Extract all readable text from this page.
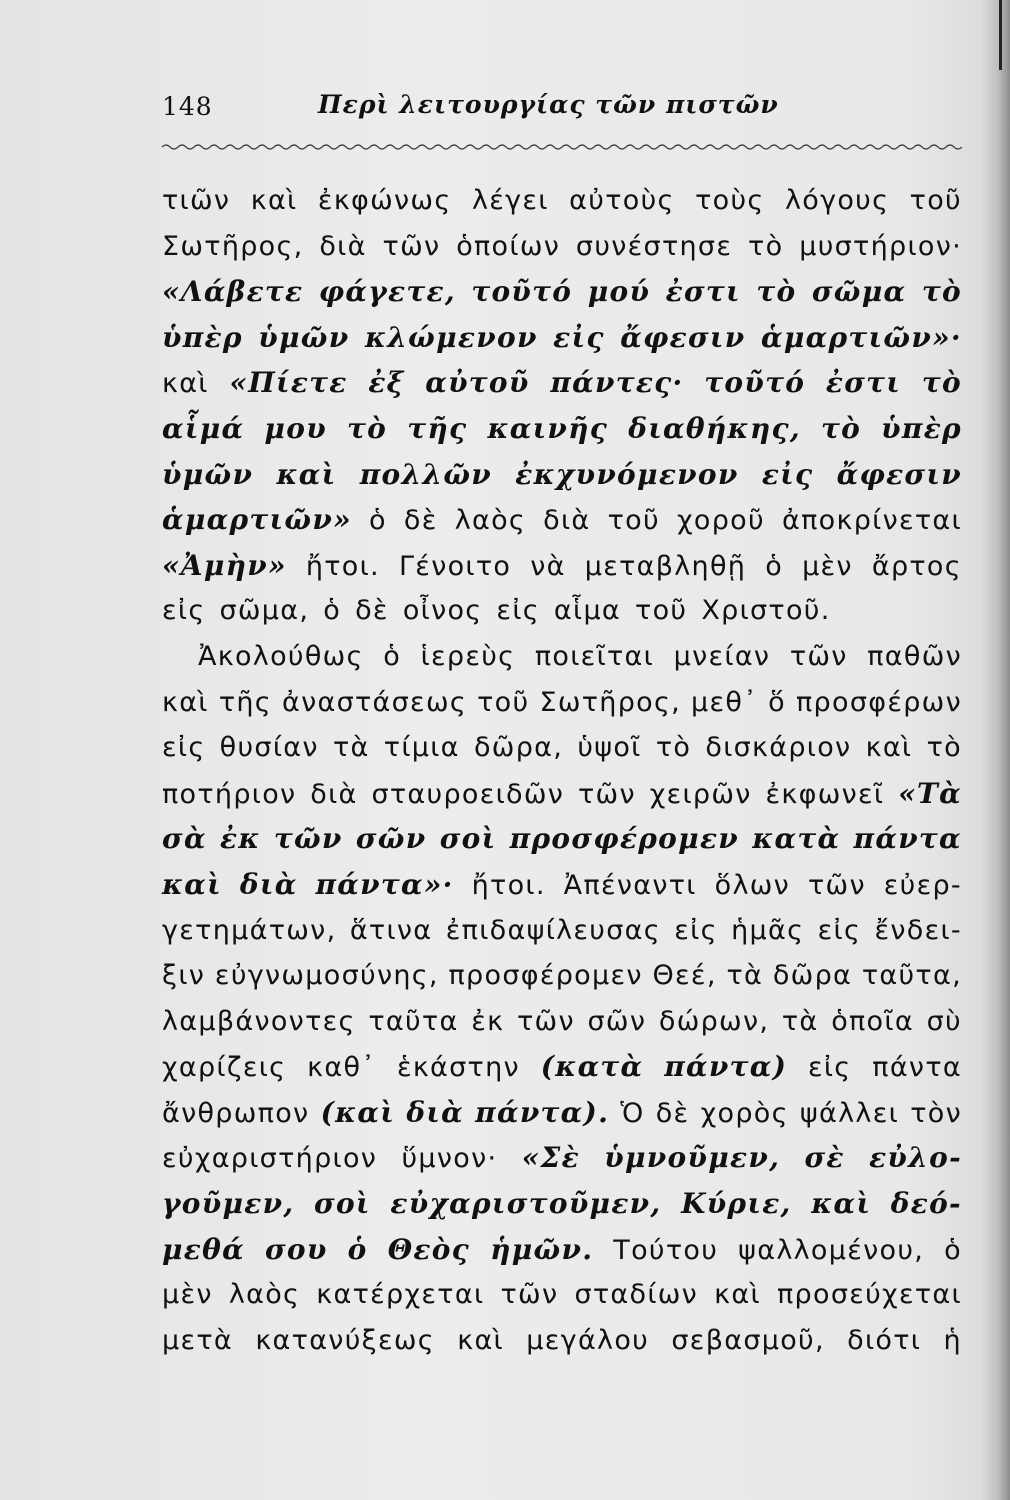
148	Περὶ λειτουργίας τῶν πιστῶν
τιῶν καὶ ἐκφώνως λέγει αὐτοὺς τοὺς λόγους τοῦ
Σωτῆρος, διὰ τῶν ὁποίων συνέστησε τὸ μυστήριον·
«Λάβετε φάγετε, τοῦτό μού ἐστι τὸ σῶμα τὸ
ὑπὲρ ὑμῶν κλώμενον εἰς ἄφεσιν ἁμαρτιῶν»·
καὶ «Πίετε ἐξ αὐτοῦ πάντες· τοῦτό ἐστι τὸ
αἷμά μου τὸ τῆς καινῆς διαθήκης, τὸ ὑπὲρ
ὑμῶν καὶ πολλῶν ἐκχυνόμενον εἰς ἄφεσιν
ἁμαρτιῶν» ὁ δὲ λαὸς διὰ τοῦ χοροῦ ἀποκρίνεται
«Ἀμὴν» ἤτοι. Γένοιτο νὰ μεταβληθῇ ὁ μὲν ἄρτος
εἰς σῶμα, ὁ δὲ οἶνος εἰς αἷμα τοῦ Χριστοῦ.
Ἀκολούθως ὁ ἱερεὺς ποιεῖται μνείαν τῶν παθῶν
καὶ τῆς ἀναστάσεως τοῦ Σωτῆρος, μεθ᾽ ὅ προσφέρων
εἰς θυσίαν τὰ τίμια δῶρα, ὑψοῖ τὸ δισκάριον καὶ τὸ
ποτήριον διὰ σταυροειδῶν τῶν χειρῶν ἐκφωνεῖ «Τὰ
σὰ ἐκ τῶν σῶν σοὶ προσφέρομεν κατὰ πάντα
καὶ διὰ πάντα»· ἤτοι. Ἀπέναντι ὅλων τῶν εὐερ-
γετημάτων, ἅτινα ἐπιδαψίλευσας εἰς ἡμᾶς εἰς ἔνδει-
ξιν εὐγνωμοσύνης, προσφέρομεν Θεέ, τὰ δῶρα ταῦτα,
λαμβάνοντες ταῦτα ἐκ τῶν σῶν δώρων, τὰ ὁποῖα σὺ
χαρίζεις καθ᾽ ἑκάστην (κατὰ πάντα) εἰς πάντα
ἄνθρωπον (καὶ διὰ πάντα). Ὁ δὲ χορὸς ψάλλει τὸν
εὐχαριστήριον ὕμνον· «Σὲ ὑμνοῦμεν, σὲ εὐλο-
γοῦμεν, σοὶ εὐχαριστοῦμεν, Κύριε, καὶ δεό-
μεθά σου ὁ Θεὸς ἡμῶν. Τούτου ψαλλομένου, ὁ
μὲν λαὸς κατέρχεται τῶν σταδίων καὶ προσεύχεται
μετὰ κατανύξεως καὶ μεγάλου σεβασμοῦ, διότι ἡ
